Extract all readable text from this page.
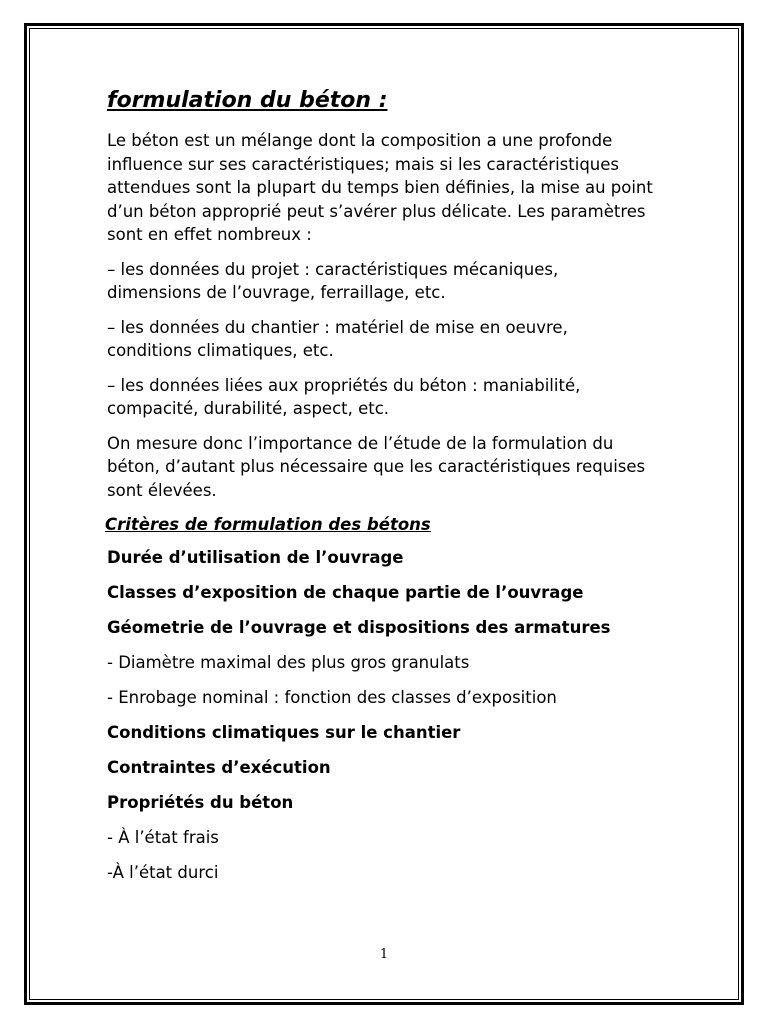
formulation du béton :

Le béton est un mélange dont la composition a une profonde influence sur ses caractéristiques; mais si les caractéristiques attendues sont la plupart du temps bien définies, la mise au point d’un béton approprié peut s’avérer plus délicate. Les paramètres sont en effet nombreux :

– les données du projet : caractéristiques mécaniques, dimensions de l’ouvrage, ferraillage, etc.

– les données du chantier : matériel de mise en oeuvre, conditions climatiques, etc.

– les données liées aux propriétés du béton : maniabilité, compacité, durabilité, aspect, etc.

On mesure donc l’importance de l’étude de la formulation du béton, d’autant plus nécessaire que les caractéristiques requises sont élevées.

Critères de formulation des bétons
Durée d’utilisation de l’ouvrage
Classes d’exposition de chaque partie de l’ouvrage
Géometrie de l’ouvrage et dispositions des armatures
- Diamètre maximal des plus gros granulats
- Enrobage nominal : fonction des classes d’exposition
Conditions climatiques sur le chantier
Contraintes d’exécution
Propriétés du béton
- À l’état frais
-À l’état durci
1
